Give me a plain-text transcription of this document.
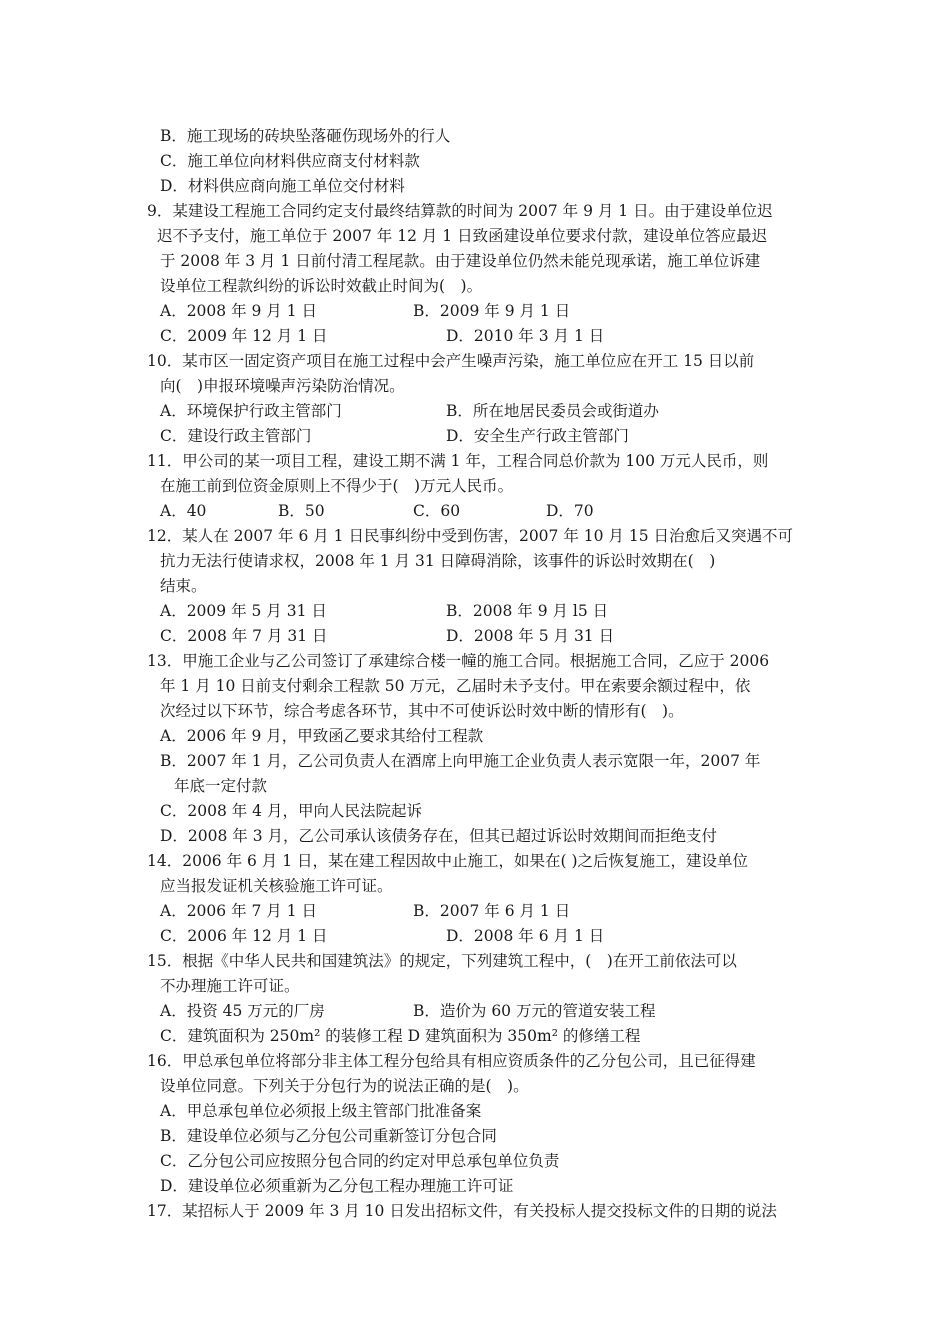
B．施工现场的砖块坠落砸伤现场外的行人
C．施工单位向材料供应商支付材料款
D．材料供应商向施工单位交付材料
9．某建设工程施工合同约定支付最终结算款的时间为 2007 年 9 月 1 日。由于建设单位迟
迟不予支付，施工单位于 2007 年 12 月 1 日致函建设单位要求付款，建设单位答应最迟
于 2008 年 3 月 1 日前付清工程尾款。由于建设单位仍然未能兑现承诺，施工单位诉建
设单位工程款纠纷的诉讼时效截止时间为(　)。
A．2008 年 9 月 1 日	B．2009 年 9 月 1 日
C．2009 年 12 月 1 日	D．2010 年 3 月 1 日
10．某市区一固定资产项目在施工过程中会产生噪声污染，施工单位应在开工 15 日以前
向(　)申报环境噪声污染防治情况。
A．环境保护行政主管部门	B．所在地居民委员会或街道办
C．建设行政主管部门	D．安全生产行政主管部门
11．甲公司的某一项目工程，建设工期不满 1 年，工程合同总价款为 100 万元人民币，则
在施工前到位资金原则上不得少于(　)万元人民币。
A．40	B．50	C．60	D．70
12．某人在 2007 年 6 月 1 日民事纠纷中受到伤害，2007 年 10 月 15 日治愈后又突遇不可
抗力无法行使请求权，2008 年 1 月 31 日障碍消除，该事件的诉讼时效期在(　)
结束。
A．2009 年 5 月 31 日	B．2008 年 9 月 l5 日
C．2008 年 7 月 31 日	D．2008 年 5 月 31 日
13．甲施工企业与乙公司签订了承建综合楼一幢的施工合同。根据施工合同，乙应于 2006
年 1 月 10 日前支付剩余工程款 50 万元，乙届时未予支付。甲在索要余额过程中，依
次经过以下环节，综合考虑各环节，其中不可使诉讼时效中断的情形有(　)。
A．2006 年 9 月，甲致函乙要求其给付工程款
B．2007 年 1 月，乙公司负责人在酒席上向甲施工企业负责人表示宽限一年，2007 年
年底一定付款
C．2008 年 4 月，甲向人民法院起诉
D．2008 年 3 月，乙公司承认该债务存在，但其已超过诉讼时效期间而拒绝支付
14．2006 年 6 月 1 日，某在建工程因故中止施工，如果在( )之后恢复施工，建设单位
应当报发证机关核验施工许可证。
A．2006 年 7 月 1 日	B．2007 年 6 月 1 日
C．2006 年 12 月 1 日	D．2008 年 6 月 1 日
15．根据《中华人民共和国建筑法》的规定，下列建筑工程中，(　)在开工前依法可以
不办理施工许可证。
A．投资 45 万元的厂房	B．造价为 60 万元的管道安装工程
C．建筑面积为 250m² 的装修工程 D 建筑面积为 350m² 的修缮工程
16．甲总承包单位将部分非主体工程分包给具有相应资质条件的乙分包公司，且已征得建
设单位同意。下列关于分包行为的说法正确的是(　)。
A．甲总承包单位必须报上级主管部门批准备案
B．建设单位必须与乙分包公司重新签订分包合同
C．乙分包公司应按照分包合同的约定对甲总承包单位负责
D．建设单位必须重新为乙分包工程办理施工许可证
17．某招标人于 2009 年 3 月 10 日发出招标文件，有关投标人提交投标文件的日期的说法
